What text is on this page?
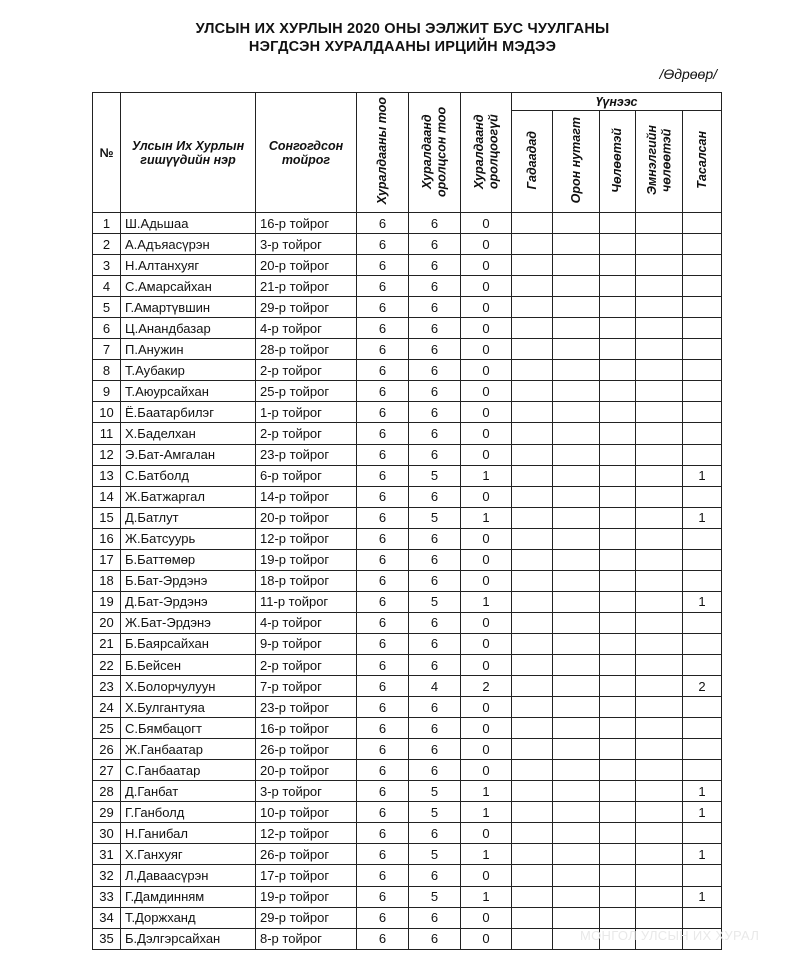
УЛСЫН ИХ ХУРЛЫН 2020 ОНЫ ЭЭЛЖИТ БУС ЧУУЛГАНЫ
НЭГДСЭН ХУРАЛДААНЫ ИРЦИЙН МЭДЭЭ
/Өдрөөр/
№	Улсын Их Хурлын гишүүдийн нэр	Сонгогдсон тойрог	Хуралдааны тоо	Хуралдаанд оролцсон тоо	Хуралдаанд оролцоогүй	Үүнээс				
						Гадаадад	Орон нутагт	Чөлөөтэй	Эмнэлгийн чөлөөтэй	Тасалсан
1	Ш.Адьшаа	16-р тойрог	6	6	0					
2	А.Адъяасүрэн	3-р тойрог	6	6	0					
3	Н.Алтанхуяг	20-р тойрог	6	6	0					
4	С.Амарсайхан	21-р тойрог	6	6	0					
5	Г.Амартүвшин	29-р тойрог	6	6	0					
6	Ц.Анандбазар	4-р тойрог	6	6	0					
7	П.Анужин	28-р тойрог	6	6	0					
8	Т.Аубакир	2-р тойрог	6	6	0					
9	Т.Аюурсайхан	25-р тойрог	6	6	0					
10	Ё.Баатарбилэг	1-р тойрог	6	6	0					
11	Х.Баделхан	2-р тойрог	6	6	0					
12	Э.Бат-Амгалан	23-р тойрог	6	6	0					
13	С.Батболд	6-р тойрог	6	5	1					1
14	Ж.Батжаргал	14-р тойрог	6	6	0					
15	Д.Батлут	20-р тойрог	6	5	1					1
16	Ж.Батсуурь	12-р тойрог	6	6	0					
17	Б.Баттөмөр	19-р тойрог	6	6	0					
18	Б.Бат-Эрдэнэ	18-р тойрог	6	6	0					
19	Д.Бат-Эрдэнэ	11-р тойрог	6	5	1					1
20	Ж.Бат-Эрдэнэ	4-р тойрог	6	6	0					
21	Б.Баярсайхан	9-р тойрог	6	6	0					
22	Б.Бейсен	2-р тойрог	6	6	0					
23	Х.Болорчулуун	7-р тойрог	6	4	2					2
24	Х.Булгантуяа	23-р тойрог	6	6	0					
25	С.Бямбацогт	16-р тойрог	6	6	0					
26	Ж.Ганбаатар	26-р тойрог	6	6	0					
27	С.Ганбаатар	20-р тойрог	6	6	0					
28	Д.Ганбат	3-р тойрог	6	5	1					1
29	Г.Ганболд	10-р тойрог	6	5	1					1
30	Н.Ганибал	12-р тойрог	6	6	0					
31	Х.Ганхуяг	26-р тойрог	6	5	1					1
32	Л.Даваасүрэн	17-р тойрог	6	6	0					
33	Г.Дамдинням	19-р тойрог	6	5	1					1
34	Т.Доржханд	29-р тойрог	6	6	0					
35	Б.Дэлгэрсайхан	8-р тойрог	6	6	0						МОНГОЛ УЛСЫН ИХ ХУРАЛ
